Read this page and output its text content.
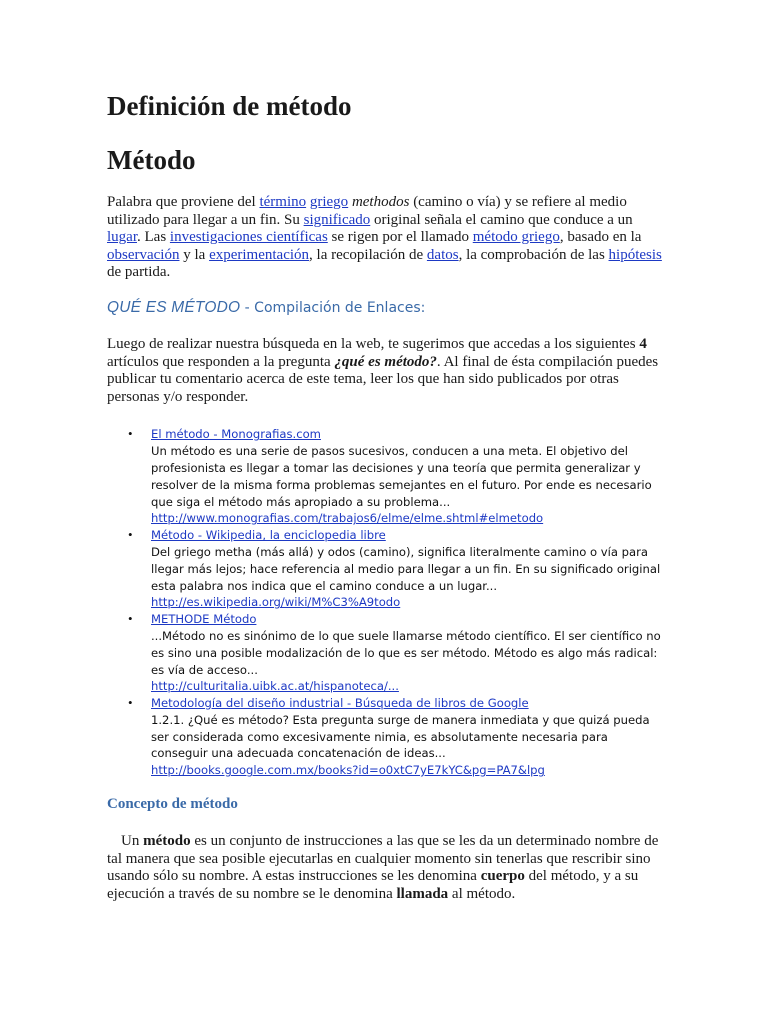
Definición de método
Método

Palabra que proviene del término griego methodos (camino o vía) y se refiere al medio utilizado para llegar a un fin. Su significado original señala el camino que conduce a un lugar. Las investigaciones científicas se rigen por el llamado método griego, basado en la observación y la experimentación, la recopilación de datos, la comprobación de las hipótesis de partida.

QUÉ ES MÉTODO - Compilación de Enlaces:

Luego de realizar nuestra búsqueda en la web, te sugerimos que accedas a los siguientes 4 artículos que responden a la pregunta ¿qué es método?. Al final de ésta compilación puedes publicar tu comentario acerca de este tema, leer los que han sido publicados por otras personas y/o responder.

• El método - Monografias.com
Un método es una serie de pasos sucesivos, conducen a una meta. El objetivo del profesionista es llegar a tomar las decisiones y una teoría que permita generalizar y resolver de la misma forma problemas semejantes en el futuro. Por ende es necesario que siga el método más apropiado a su problema...
http://www.monografias.com/trabajos6/elme/elme.shtml#elmetodo
• Método - Wikipedia, la enciclopedia libre
Del griego metha (más allá) y odos (camino), significa literalmente camino o vía para llegar más lejos; hace referencia al medio para llegar a un fin. En su significado original esta palabra nos indica que el camino conduce a un lugar...
http://es.wikipedia.org/wiki/M%C3%A9todo
• METHODE Método
...Método no es sinónimo de lo que suele llamarse método científico. El ser científico no es sino una posible modalización de lo que es ser método. Método es algo más radical: es vía de acceso...
http://culturitalia.uibk.ac.at/hispanoteca/...
• Metodología del diseño industrial - Búsqueda de libros de Google
1.2.1. ¿Qué es método? Esta pregunta surge de manera inmediata y que quizá pueda ser considerada como excesivamente nimia, es absolutamente necesaria para conseguir una adecuada concatenación de ideas...
http://books.google.com.mx/books?id=o0xtC7yE7kYC&pg=PA7&lpg
Concepto de método

Un método es un conjunto de instrucciones a las que se les da un determinado nombre de tal manera que sea posible ejecutarlas en cualquier momento sin tenerlas que rescribir sino usando sólo su nombre. A estas instrucciones se les denomina cuerpo del método, y a su ejecución a través de su nombre se le denomina llamada al método.
